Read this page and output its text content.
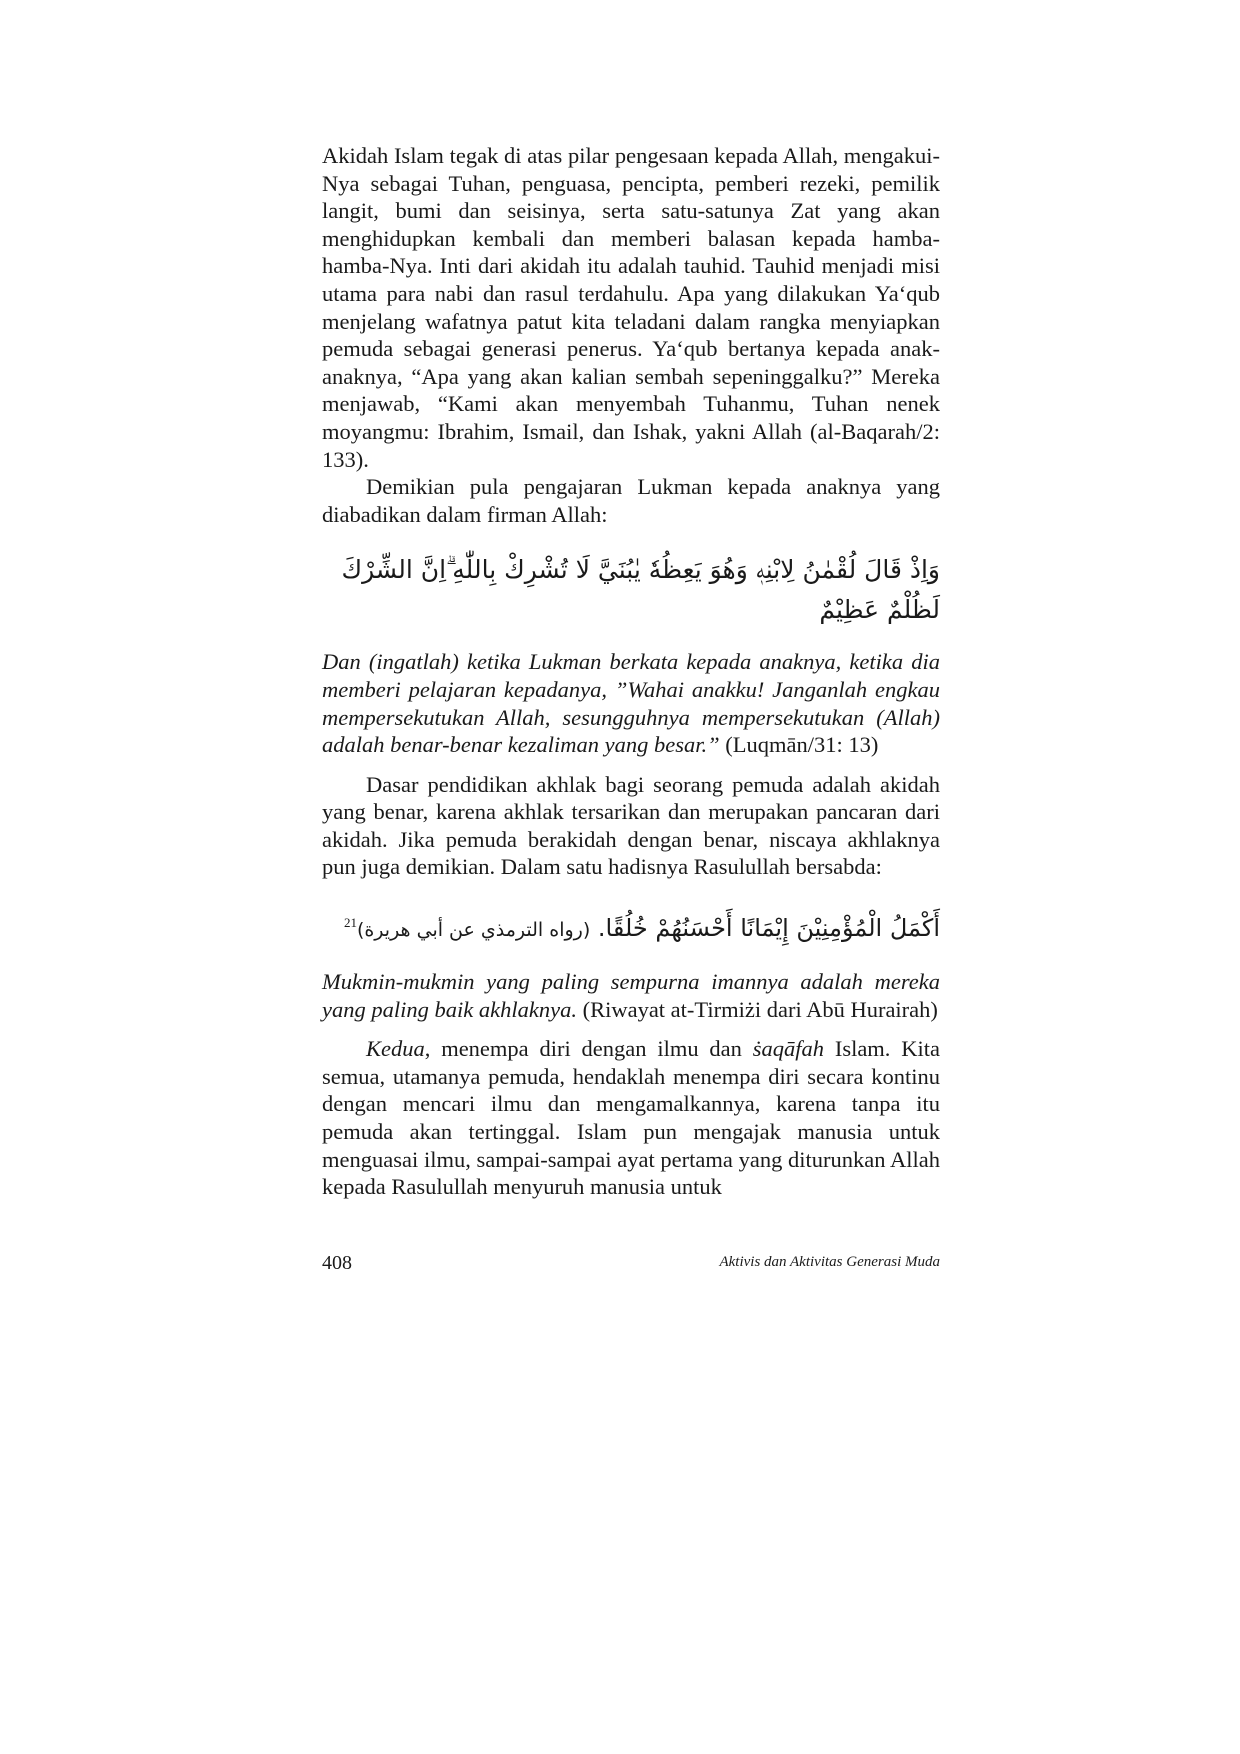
Akidah Islam tegak di atas pilar pengesaan kepada Allah, mengakui-Nya sebagai Tuhan, penguasa, pencipta, pemberi rezeki, pemilik langit, bumi dan seisinya, serta satu-satunya Zat yang akan menghidupkan kembali dan memberi balasan kepada hamba-hamba-Nya. Inti dari akidah itu adalah tauhid. Tauhid menjadi misi utama para nabi dan rasul terdahulu. Apa yang dilakukan Ya‘qub menjelang wafatnya patut kita teladani dalam rangka menyiapkan pemuda sebagai generasi penerus. Ya‘qub bertanya kepada anak-anaknya, “Apa yang akan kalian sembah sepeninggalku?” Mereka menjawab, “Kami akan menyembah Tuhanmu, Tuhan nenek moyangmu: Ibrahim, Ismail, dan Ishak, yakni Allah (al-Baqarah/2: 133).

Demikian pula pengajaran Lukman kepada anaknya yang diabadikan dalam firman Allah:

وَاِذْ قَالَ لُقْمٰنُ لِابْنِهٖ وَهُوَ يَعِظُهٗ يٰبُنَيَّ لَا تُشْرِكْ بِاللّٰهِ ۗاِنَّ الشِّرْكَ لَظُلْمٌ عَظِيْمٌ

Dan (ingatlah) ketika Lukman berkata kepada anaknya, ketika dia memberi pelajaran kepadanya, ”Wahai anakku! Janganlah engkau mempersekutukan Allah, sesungguhnya mempersekutukan (Allah) adalah benar-benar kezaliman yang besar.” (Luqmān/31: 13)

Dasar pendidikan akhlak bagi seorang pemuda adalah akidah yang benar, karena akhlak tersarikan dan merupakan pancaran dari akidah. Jika pemuda berakidah dengan benar, niscaya akhlaknya pun juga demikian. Dalam satu hadisnya Rasulullah bersabda:

أَكْمَلُ الْمُؤْمِنِيْنَ إِيْمَانًا أَحْسَنُهُمْ خُلُقًا. (رواه الترمذي عن أبي هريرة)$^{21}$

Mukmin-mukmin yang paling sempurna imannya adalah mereka yang paling baik akhlaknya. (Riwayat at-Tirmiżi dari Abū Hurairah)

Kedua, menempa diri dengan ilmu dan ṡaqāfah Islam. Kita semua, utamanya pemuda, hendaklah menempa diri secara kontinu dengan mencari ilmu dan mengamalkannya, karena tanpa itu pemuda akan tertinggal. Islam pun mengajak manusia untuk menguasai ilmu, sampai-sampai ayat pertama yang diturunkan Allah kepada Rasulullah menyuruh manusia untuk

408	Aktivis dan Aktivitas Generasi Muda
